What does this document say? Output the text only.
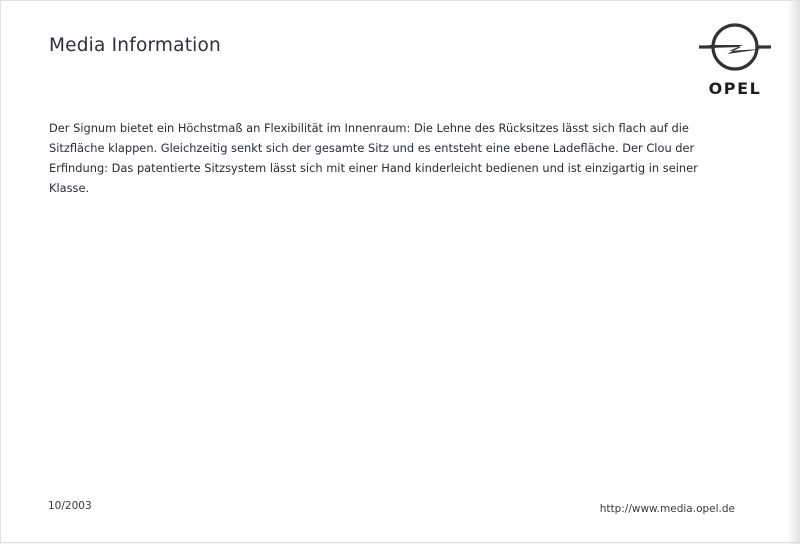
Media Information
OPEL

Der Signum bietet ein Höchstmaß an Flexibilität im Innenraum: Die Lehne des Rücksitzes lässt sich flach auf die Sitzfläche klappen. Gleichzeitig senkt sich der gesamte Sitz und es entsteht eine ebene Ladefläche. Der Clou der Erfindung: Das patentierte Sitzsystem lässt sich mit einer Hand kinderleicht bedienen und ist einzigartig in seiner Klasse.

10/2003	http://www.media.opel.de
